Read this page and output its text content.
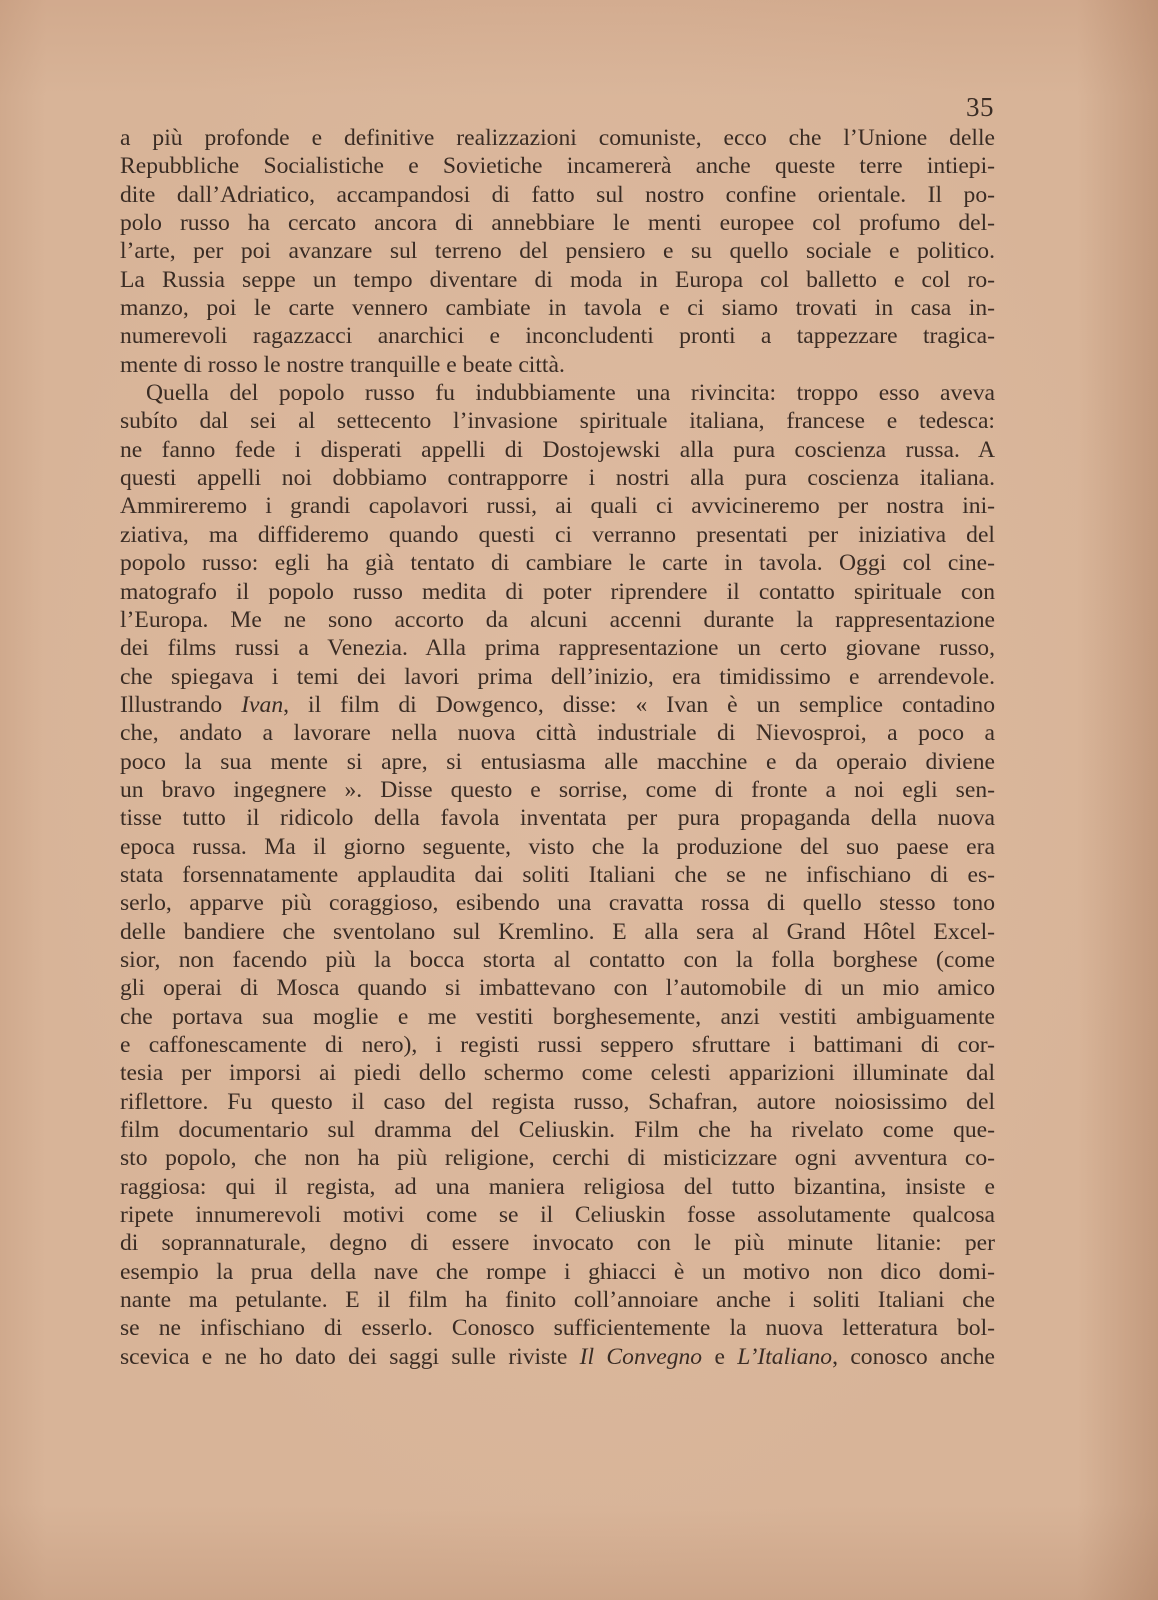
35
a più profonde e definitive realizzazioni comuniste, ecco che l’Unione delle
Repubbliche Socialistiche e Sovietiche incamererà anche queste terre intiepi-
dite dall’Adriatico, accampandosi di fatto sul nostro confine orientale. Il po-
polo russo ha cercato ancora di annebbiare le menti europee col profumo del-
l’arte, per poi avanzare sul terreno del pensiero e su quello sociale e politico.
La Russia seppe un tempo diventare di moda in Europa col balletto e col ro-
manzo, poi le carte vennero cambiate in tavola e ci siamo trovati in casa in-
numerevoli ragazzacci anarchici e inconcludenti pronti a tappezzare tragica-
mente di rosso le nostre tranquille e beate città.
Quella del popolo russo fu indubbiamente una rivincita: troppo esso aveva
subíto dal sei al settecento l’invasione spirituale italiana, francese e tedesca:
ne fanno fede i disperati appelli di Dostojewski alla pura coscienza russa. A
questi appelli noi dobbiamo contrapporre i nostri alla pura coscienza italiana.
Ammireremo i grandi capolavori russi, ai quali ci avvicineremo per nostra ini-
ziativa, ma diffideremo quando questi ci verranno presentati per iniziativa del
popolo russo: egli ha già tentato di cambiare le carte in tavola. Oggi col cine-
matografo il popolo russo medita di poter riprendere il contatto spirituale con
l’Europa. Me ne sono accorto da alcuni accenni durante la rappresentazione
dei films russi a Venezia. Alla prima rappresentazione un certo giovane russo,
che spiegava i temi dei lavori prima dell’inizio, era timidissimo e arrendevole.
Illustrando Ivan, il film di Dowgenco, disse: « Ivan è un semplice contadino
che, andato a lavorare nella nuova città industriale di Nievosproi, a poco a
poco la sua mente si apre, si entusiasma alle macchine e da operaio diviene
un bravo ingegnere ». Disse questo e sorrise, come di fronte a noi egli sen-
tisse tutto il ridicolo della favola inventata per pura propaganda della nuova
epoca russa. Ma il giorno seguente, visto che la produzione del suo paese era
stata forsennatamente applaudita dai soliti Italiani che se ne infischiano di es-
serlo, apparve più coraggioso, esibendo una cravatta rossa di quello stesso tono
delle bandiere che sventolano sul Kremlino. E alla sera al Grand Hôtel Excel-
sior, non facendo più la bocca storta al contatto con la folla borghese (come
gli operai di Mosca quando si imbattevano con l’automobile di un mio amico
che portava sua moglie e me vestiti borghesemente, anzi vestiti ambiguamente
e caffonescamente di nero), i registi russi seppero sfruttare i battimani di cor-
tesia per imporsi ai piedi dello schermo come celesti apparizioni illuminate dal
riflettore. Fu questo il caso del regista russo, Schafran, autore noiosissimo del
film documentario sul dramma del Celiuskin. Film che ha rivelato come que-
sto popolo, che non ha più religione, cerchi di misticizzare ogni avventura co-
raggiosa: qui il regista, ad una maniera religiosa del tutto bizantina, insiste e
ripete innumerevoli motivi come se il Celiuskin fosse assolutamente qualcosa
di soprannaturale, degno di essere invocato con le più minute litanie: per
esempio la prua della nave che rompe i ghiacci è un motivo non dico domi-
nante ma petulante. E il film ha finito coll’annoiare anche i soliti Italiani che
se ne infischiano di esserlo. Conosco sufficientemente la nuova letteratura bol-
scevica e ne ho dato dei saggi sulle riviste Il Convegno e L’Italiano, conosco anche
